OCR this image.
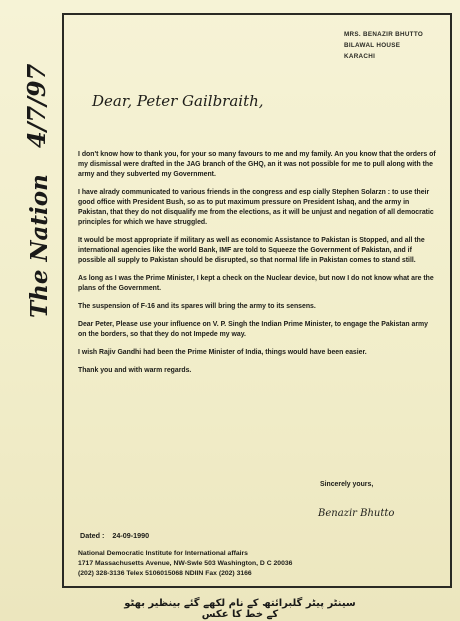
4/7/97
The Nation
MRS. BENAZIR BHUTTO
BILAWAL HOUSE
KARACHI
Dear, Peter Gailbraith,

I don't know how to thank you, for your so many favours to me and my family. An you know that the orders of my dismissal were drafted in the JAG branch of the GHQ, an it was not possible for me to pull along with the army and they subverted my Government.

I have alrady communicated to various friends in the congress and esp cially Stephen Solarzn : to use their good office with President Bush, so as to put maximum pressure on President Ishaq, and the army in Pakistan, that they do not disqualify me from the elections, as it will be unjust and negation of all democratic principles for which we have struggled.

It would be most appropriate if military as well as economic Assistance to Pakistan is Stopped, and all the international agencies like the world Bank, IMF are told to Squeeze the Government of Pakistan, and if possible all supply to Pakistan should be disrupted, so that normal life in Pakistan comes to stand still.

As long as I was the Prime Minister, I kept a check on the Nuclear device, but now I do not know what are the plans of the Government.

The suspension of F-16 and its spares will bring the army to its sensens.

Dear Peter, Please use your influence on V. P. Singh the Indian Prime Minister, to engage the Pakistan army on the borders, so that they do not Impede my way.

I wish Rajiv Gandhi had been the Prime Minister of India, things would have been easier.

Thank you and with warm regards.

Sincerely yours,
Benazir Bhutto
Dated : 24-09-1990
National Democratic Institute for International affairs
1717 Massachusetts Avenue, NW-Swle 503 Washington, D C 20036
(202) 328-3136 Telex 5106015068 NDIIN Fax (202) 3166
سینٹر پیٹر گلبرائتھ کے نام لکھے گئے بینظیر بھٹو کے خط کا عکس
